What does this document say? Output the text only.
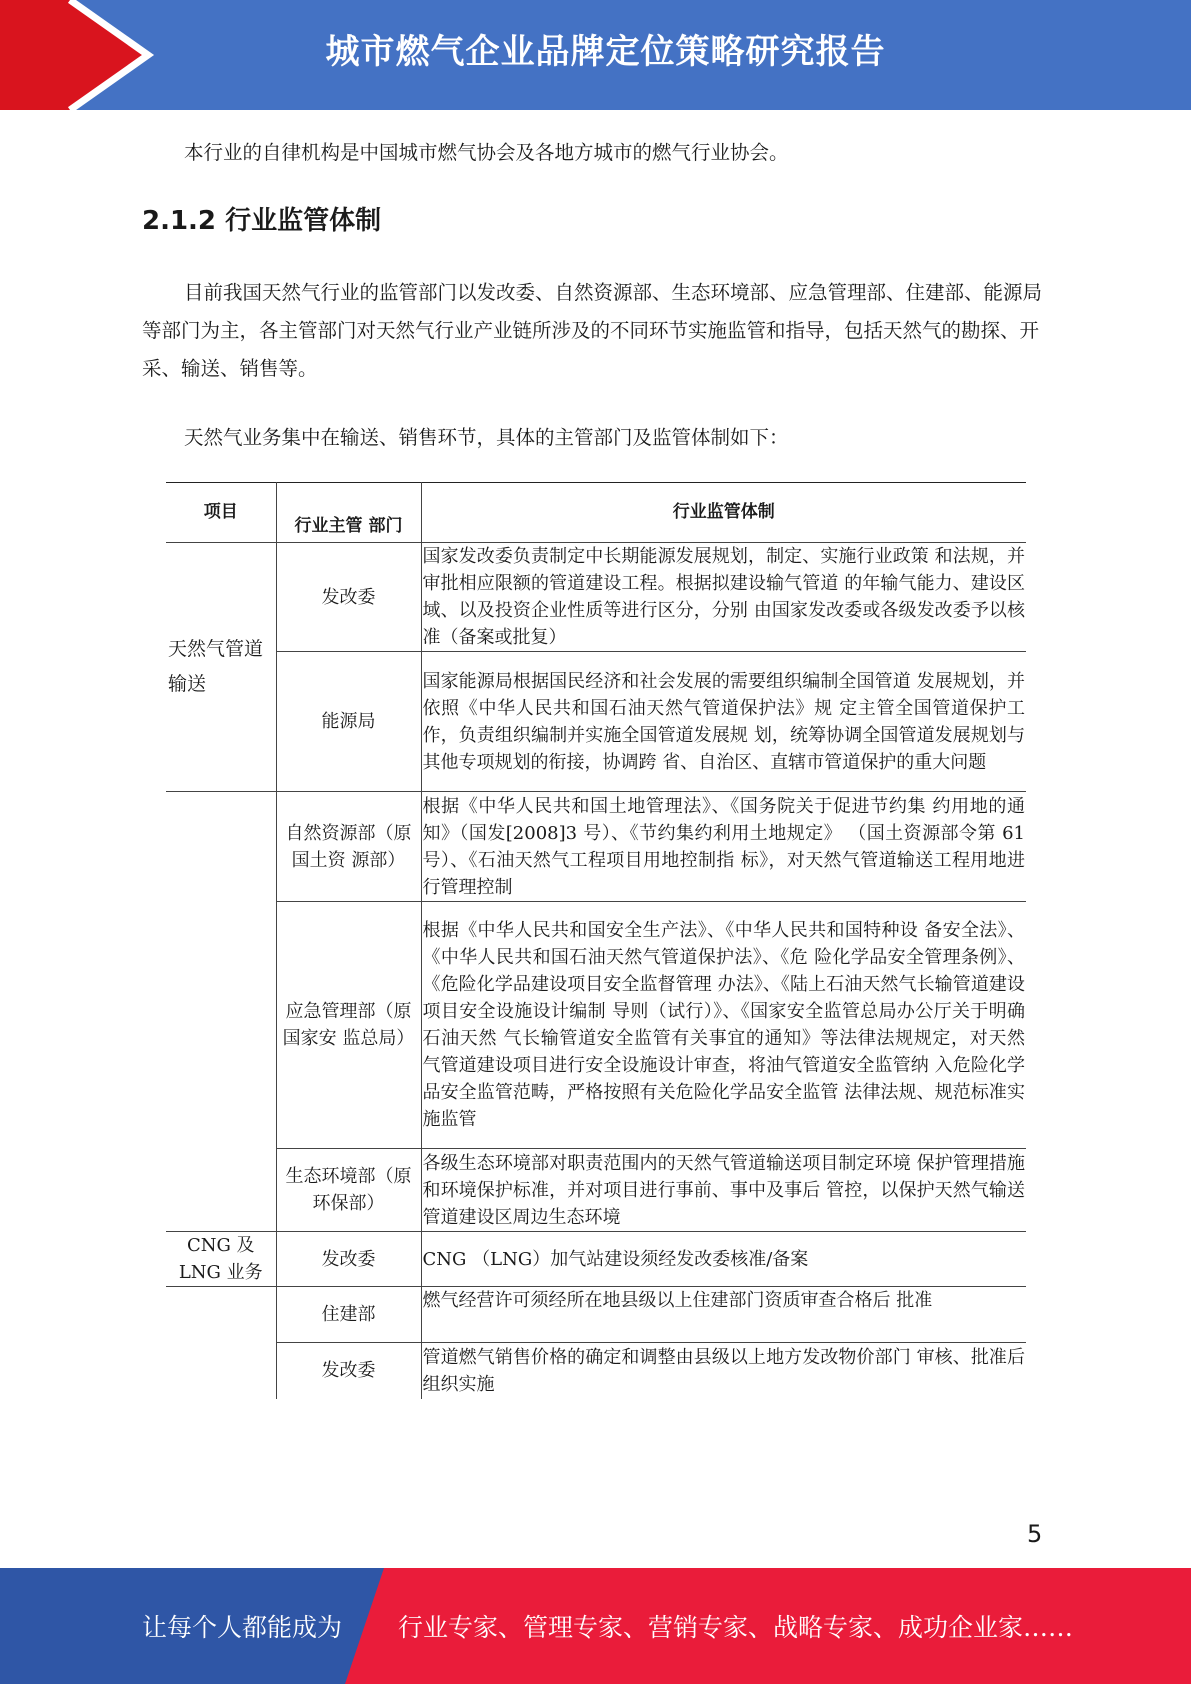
城市燃气企业品牌定位策略研究报告

本行业的自律机构是中国城市燃气协会及各地方城市的燃气行业协会。

2.1.2 行业监管体制

目前我国天然气行业的监管部门以发改委、自然资源部、生态环境部、应急管理部、住建部、能源局等部门为主，各主管部门对天然气行业产业链所涉及的不同环节实施监管和指导，包括天然气的勘探、开采、输送、销售等。

天然气业务集中在输送、销售环节，具体的主管部门及监管体制如下：

项目	行业主管 部门	行业监管体制
天然气管道输送	发改委	国家发改委负责制定中长期能源发展规划，制定、实施行业政策 和法规，并审批相应限额的管道建设工程。根据拟建设输气管道 的年输气能力、建设区域、以及投资企业性质等进行区分，分别 由国家发改委或各级发改委予以核准（备案或批复）
	能源局	国家能源局根据国民经济和社会发展的需要组织编制全国管道 发展规划，并依照《中华人民共和国石油天然气管道保护法》规 定主管全国管道保护工作，负责组织编制并实施全国管道发展规 划，统筹协调全国管道发展规划与其他专项规划的衔接，协调跨 省、自治区、直辖市管道保护的重大问题
	自然资源部（原国土资 源部）	根据《中华人民共和国土地管理法》、《国务院关于促进节约集 约用地的通知》（国发[2008]3 号）、《节约集约利用土地规定》 （国土资源部令第 61 号）、《石油天然气工程项目用地控制指 标》，对天然气管道输送工程用地进行管理控制
	应急管理部（原国家安 监总局）	根据《中华人民共和国安全生产法》、《中华人民共和国特种设 备安全法》、《中华人民共和国石油天然气管道保护法》、《危 险化学品安全管理条例》、《危险化学品建设项目安全监督管理 办法》、《陆上石油天然气长输管道建设项目安全设施设计编制 导则（试行）》、《国家安全监管总局办公厅关于明确石油天然 气长输管道安全监管有关事宜的通知》等法律法规规定，对天然 气管道建设项目进行安全设施设计审查，将油气管道安全监管纳 入危险化学品安全监管范畴，严格按照有关危险化学品安全监管 法律法规、规范标准实施监管
	生态环境部（原环保部）	各级生态环境部对职责范围内的天然气管道输送项目制定环境 保护管理措施和环境保护标准，并对项目进行事前、事中及事后 管控，以保护天然气输送管道建设区周边生态环境
CNG 及 LNG 业务	发改委	CNG （LNG）加气站建设须经发改委核准/备案
	住建部	燃气经营许可须经所在地县级以上住建部门资质审查合格后 批准
	发改委	管道燃气销售价格的确定和调整由县级以上地方发改物价部门 审核、批准后组织实施
5
让每个人都能成为 行业专家、管理专家、营销专家、战略专家、成功企业家……
